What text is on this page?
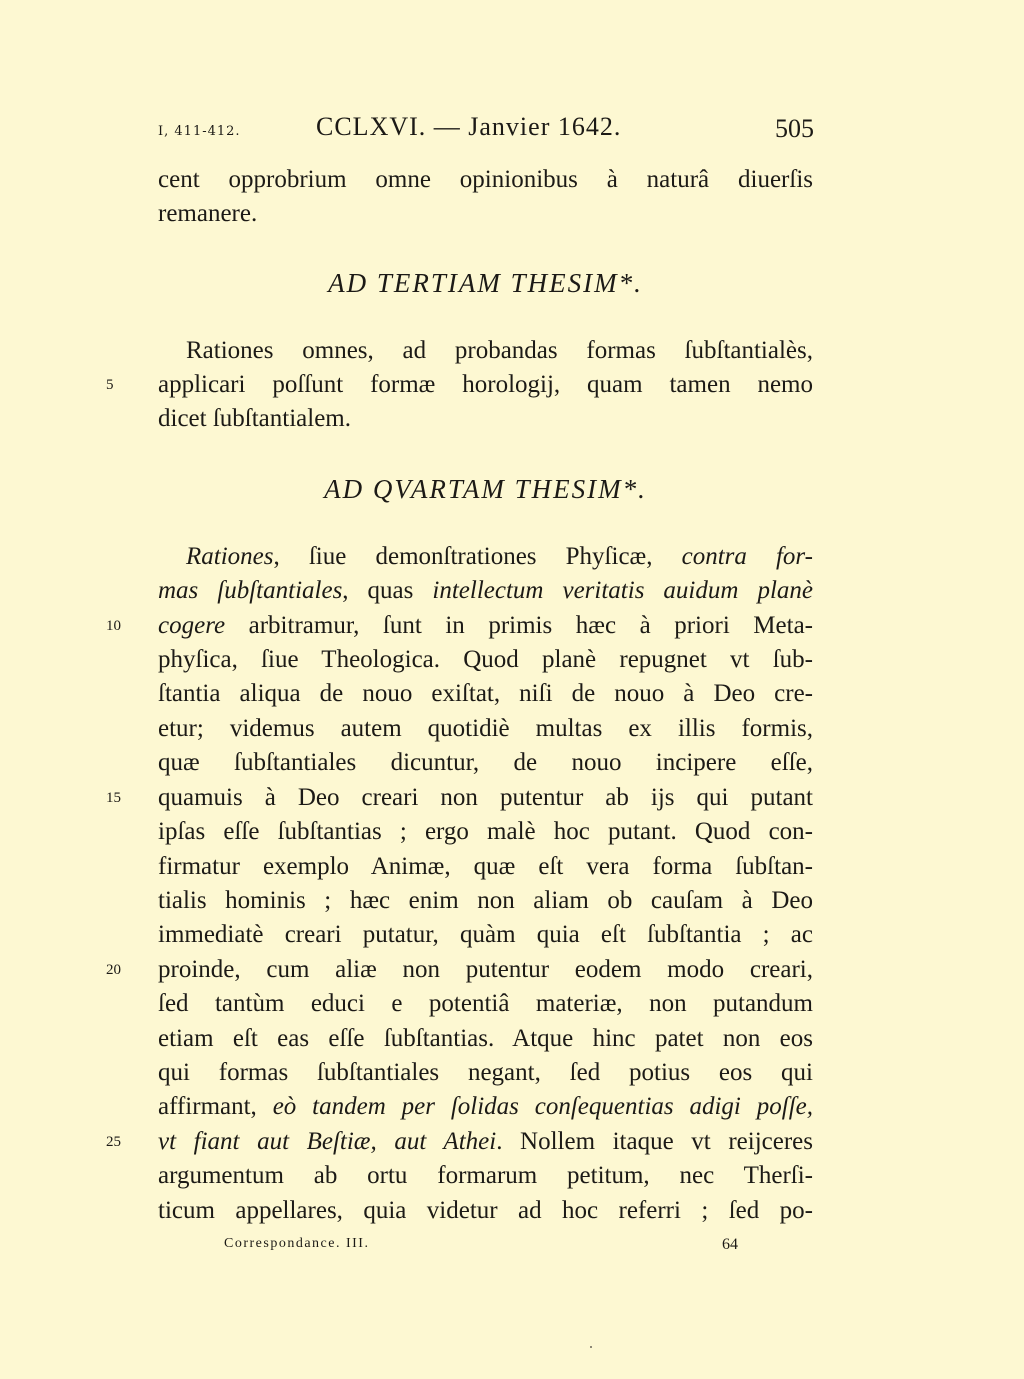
I, 411-412.	CCLXVI. — Janvier 1642.	505
cent opprobrium omne opinionibus à naturâ diuerſis
remanere.
AD TERTIAM THESIM*.
Rationes omnes, ad probandas formas ſubſtantialès,
5 applicari poſſunt formæ horologij, quam tamen nemo
dicet ſubſtantialem.
AD QVARTAM THESIM*.
Rationes, ſiue demonſtrationes Phyſicæ, contra for-
mas ſubſtantiales, quas intellectum veritatis auidum planè
10 cogere arbitramur, ſunt in primis hæc à priori Meta-
phyſica, ſiue Theologica. Quod planè repugnet vt ſub-
ſtantia aliqua de nouo exiſtat, niſi de nouo à Deo cre-
etur; videmus autem quotidiè multas ex illis formis,
quæ ſubſtantiales dicuntur, de nouo incipere eſſe,
15 quamuis à Deo creari non putentur ab ijs qui putant
ipſas eſſe ſubſtantias ; ergo malè hoc putant. Quod con-
firmatur exemplo Animæ, quæ eſt vera forma ſubſtan-
tialis hominis ; hæc enim non aliam ob cauſam à Deo
immediatè creari putatur, quàm quia eſt ſubſtantia ; ac
20 proinde, cum aliæ non putentur eodem modo creari,
ſed tantùm educi e potentiâ materiæ, non putandum
etiam eſt eas eſſe ſubſtantias. Atque hinc patet non eos
qui formas ſubſtantiales negant, ſed potius eos qui
affirmant, eò tandem per ſolidas conſequentias adigi poſſe,
25 vt fiant aut Beſtiæ, aut Athei. Nollem itaque vt reijceres
argumentum ab ortu formarum petitum, nec Therſi-
ticum appellares, quia videtur ad hoc referri ; ſed po-
Correspondance. III.	64
